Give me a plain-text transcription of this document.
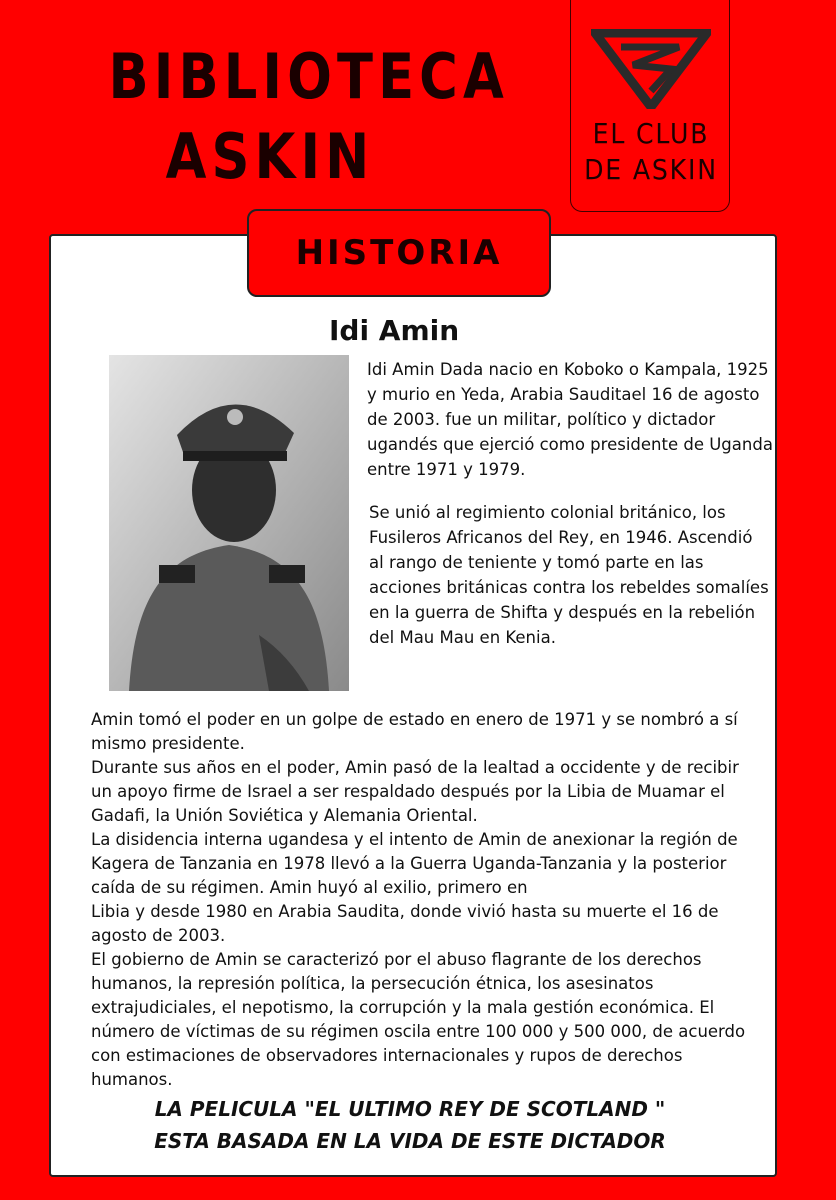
BIBLIOTECA
ASKIN	EL CLUB
DE ASKIN
HISTORIA
Idi Amin
Idi Amin Dada nacio en Koboko o Kampala, 1925 y murio en Yeda, Arabia Sauditael 16 de agosto de 2003. fue un militar, político y dictador ugandés que ejerció como presidente de Uganda entre 1971 y 1979.
Se unió al regimiento colonial británico, los Fusileros Africanos del Rey, en 1946. Ascendió al rango de teniente y tomó parte en las acciones británicas contra los rebeldes somalíes en la guerra de Shifta y después en la rebelión del Mau Mau en Kenia.

Amin tomó el poder en un golpe de estado en enero de 1971 y se nombró a sí mismo presidente.

Durante sus años en el poder, Amin pasó de la lealtad a occidente y de recibir un apoyo firme de Israel a ser respaldado después por la Libia de Muamar el Gadafi, la Unión Soviética y Alemania Oriental.

La disidencia interna ugandesa y el intento de Amin de anexionar la región de Kagera de Tanzania en 1978 llevó a la Guerra Uganda-Tanzania y la posterior caída de su régimen. Amin huyó al exilio, primero en

Libia y desde 1980 en Arabia Saudita, donde vivió hasta su muerte el 16 de agosto de 2003.

El gobierno de Amin se caracterizó por el abuso flagrante de los derechos humanos, la represión política, la persecución étnica, los asesinatos extrajudiciales, el nepotismo, la corrupción y la mala gestión económica. El número de víctimas de su régimen oscila entre 100 000 y 500 000, de acuerdo con estimaciones de observadores internacionales y rupos de derechos humanos.

LA PELICULA "EL ULTIMO REY DE SCOTLAND "
ESTA BASADA EN LA VIDA DE ESTE DICTADOR
